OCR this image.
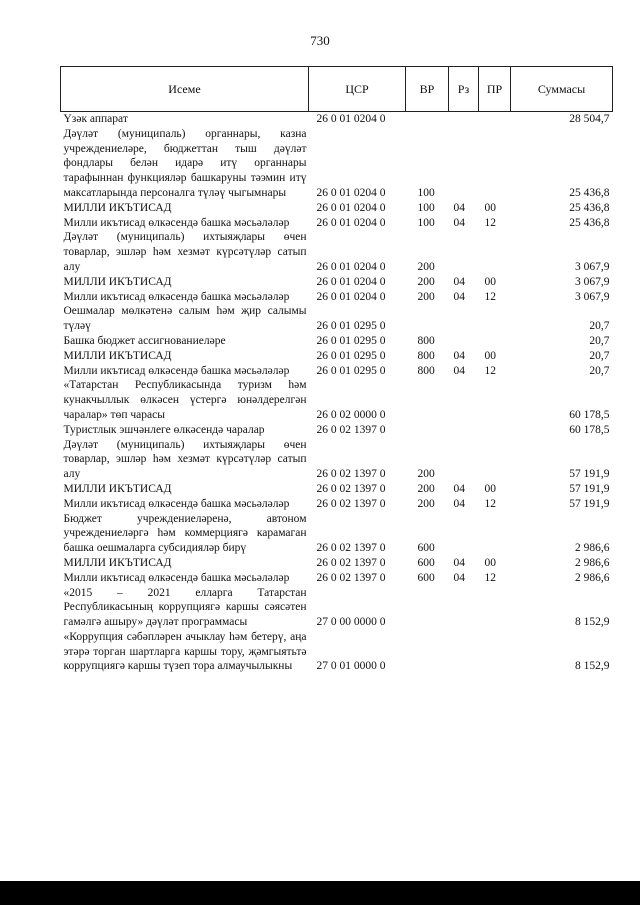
730
Исеме	ЦСР	ВР	Рз	ПР	Суммасы
Үзәк аппарат	26 0 01 0204 0				28 504,7
Дәүләт (муниципаль) органнары, казна учреждениеләре, бюджеттан тыш дәүләт фондлары белән идарә итү органнары тарафыннан функцияләр башкаруны тәэмин итү максатларында персоналга түләү чыгымнары	26 0 01 0204 0	100			25 436,8
МИЛЛИ ИКЪТИСАД	26 0 01 0204 0	100	04	00	25 436,8
Милли икътисад өлкәсендә башка мәсьәләләр	26 0 01 0204 0	100	04	12	25 436,8
Дәүләт (муниципаль) ихтыяҗлары өчен товарлар, эшләр һәм хезмәт күрсәтүләр сатып алу	26 0 01 0204 0	200			3 067,9
МИЛЛИ ИКЪТИСАД	26 0 01 0204 0	200	04	00	3 067,9
Милли икътисад өлкәсендә башка мәсьәләләр	26 0 01 0204 0	200	04	12	3 067,9
Оешмалар мөлкәтенә салым һәм җир салымы түләү	26 0 01 0295 0				20,7
Башка бюджет ассигнованиеләре	26 0 01 0295 0	800			20,7
МИЛЛИ ИКЪТИСАД	26 0 01 0295 0	800	04	00	20,7
Милли икътисад өлкәсендә башка мәсьәләләр	26 0 01 0295 0	800	04	12	20,7
«Татарстан Республикасында туризм һәм кунакчыллык өлкәсен үстергә юнәлдерелгән чаралар» төп чарасы	26 0 02 0000 0				60 178,5
Туристлык эшчәнлеге өлкәсендә чаралар	26 0 02 1397 0				60 178,5
Дәүләт (муниципаль) ихтыяҗлары өчен товарлар, эшләр һәм хезмәт күрсәтүләр сатып алу	26 0 02 1397 0	200			57 191,9
МИЛЛИ ИКЪТИСАД	26 0 02 1397 0	200	04	00	57 191,9
Милли икътисад өлкәсендә башка мәсьәләләр	26 0 02 1397 0	200	04	12	57 191,9
Бюджет учреждениеләренә, автоном учреждениеләргә һәм коммерциягә карамаган башка оешмаларга субсидияләр бирү	26 0 02 1397 0	600			2 986,6
МИЛЛИ ИКЪТИСАД	26 0 02 1397 0	600	04	00	2 986,6
Милли икътисад өлкәсендә башка мәсьәләләр	26 0 02 1397 0	600	04	12	2 986,6
«2015 – 2021 елларга Татарстан Республикасының коррупциягә каршы сәясәтен гамәлгә ашыру» дәүләт программасы	27 0 00 0000 0				8 152,9
«Коррупция сәбәпләрен ачыклау һәм бетерү, аңа этәрә торган шартларга каршы тору, җәмгыятьтә коррупциягә каршы түзеп тора алмаучылыкны	27 0 01 0000 0				8 152,9
